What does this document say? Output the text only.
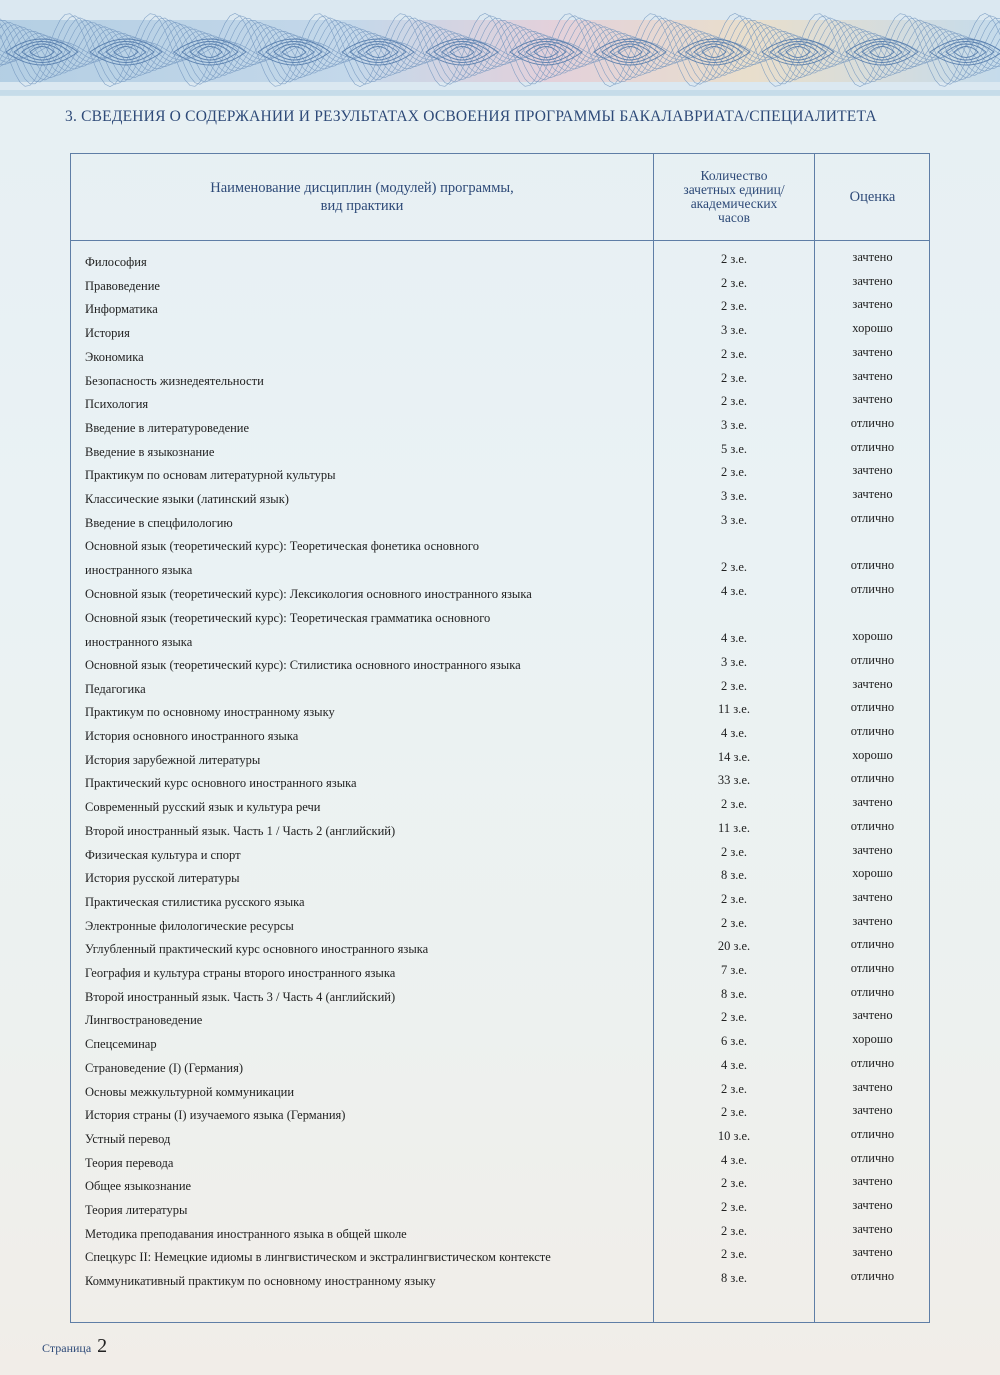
3. СВЕДЕНИЯ О СОДЕРЖАНИИ И РЕЗУЛЬТАТАХ ОСВОЕНИЯ ПРОГРАММЫ БАКАЛАВРИАТА/СПЕЦИАЛИТЕТА
Наименование дисциплин (модулей) программы,
вид практики
Количество
зачетных единиц/
академических
часов
Оценка
Философия	2 з.е.	зачтено
Правоведение	2 з.е.	зачтено
Информатика	2 з.е.	зачтено
История	3 з.е.	хорошо
Экономика	2 з.е.	зачтено
Безопасность жизнедеятельности	2 з.е.	зачтено
Психология	2 з.е.	зачтено
Введение в литературоведение	3 з.е.	отлично
Введение в языкознание	5 з.е.	отлично
Практикум по основам литературной культуры	2 з.е.	зачтено
Классические языки (латинский язык)	3 з.е.	зачтено
Введение в спецфилологию	3 з.е.	отлично
Основной язык (теоретический курс): Теоретическая фонетика основного
иностранного языка	2 з.е.	отлично
Основной язык (теоретический курс): Лексикология основного иностранного языка	4 з.е.	отлично
Основной язык (теоретический курс): Теоретическая грамматика основного
иностранного языка	4 з.е.	хорошо
Основной язык (теоретический курс): Стилистика основного иностранного языка	3 з.е.	отлично
Педагогика	2 з.е.	зачтено
Практикум по основному иностранному языку	11 з.е.	отлично
История основного иностранного языка	4 з.е.	отлично
История зарубежной литературы	14 з.е.	хорошо
Практический курс основного иностранного языка	33 з.е.	отлично
Современный русский язык и культура речи	2 з.е.	зачтено
Второй иностранный язык. Часть 1 / Часть 2 (английский)	11 з.е.	отлично
Физическая культура и спорт	2 з.е.	зачтено
История русской литературы	8 з.е.	хорошо
Практическая стилистика русского языка	2 з.е.	зачтено
Электронные филологические ресурсы	2 з.е.	зачтено
Углубленный практический курс основного иностранного языка	20 з.е.	отлично
География и культура страны второго иностранного языка	7 з.е.	отлично
Второй иностранный язык. Часть 3 / Часть 4 (английский)	8 з.е.	отлично
Лингвострановедение	2 з.е.	зачтено
Спецсеминар	6 з.е.	хорошо
Страноведение (I) (Германия)	4 з.е.	отлично
Основы межкультурной коммуникации	2 з.е.	зачтено
История страны (I) изучаемого языка (Германия)	2 з.е.	зачтено
Устный перевод	10 з.е.	отлично
Теория перевода	4 з.е.	отлично
Общее языкознание	2 з.е.	зачтено
Теория литературы	2 з.е.	зачтено
Методика преподавания иностранного языка в общей школе	2 з.е.	зачтено
Спецкурс II: Немецкие идиомы в лингвистическом и экстралингвистическом контексте	2 з.е.	зачтено
Коммуникативный практикум по основному иностранному языку	8 з.е.	отлично
Страница 2
